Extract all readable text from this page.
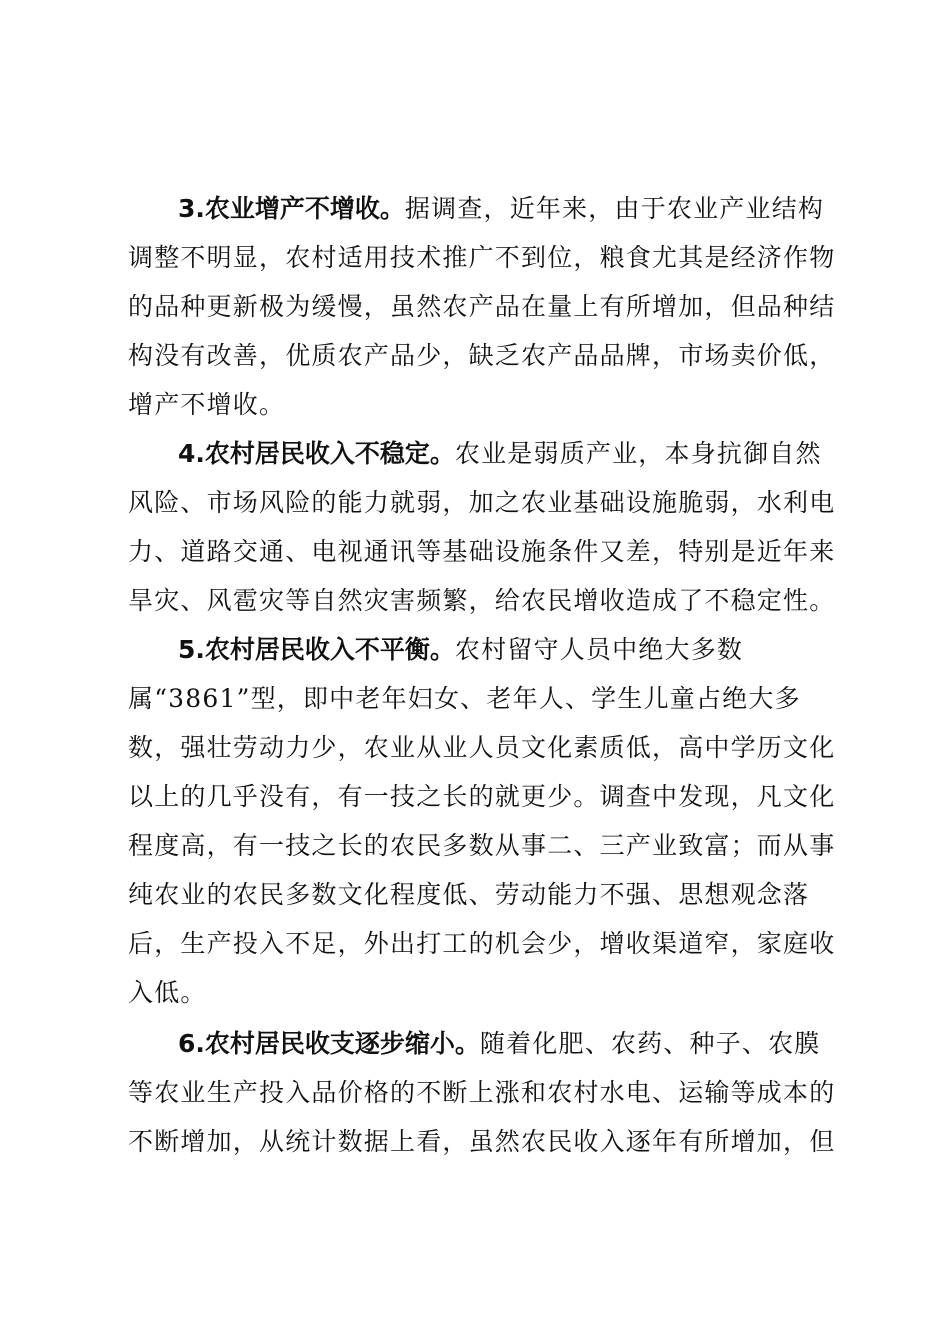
3.农业增产不增收。据调查，近年来，由于农业产业结构
调整不明显，农村适用技术推广不到位，粮食尤其是经济作物
的品种更新极为缓慢，虽然农产品在量上有所增加，但品种结
构没有改善，优质农产品少，缺乏农产品品牌，市场卖价低，
增产不增收。
4.农村居民收入不稳定。农业是弱质产业，本身抗御自然
风险、市场风险的能力就弱，加之农业基础设施脆弱，水利电
力、道路交通、电视通讯等基础设施条件又差，特别是近年来
旱灾、风雹灾等自然灾害频繁，给农民增收造成了不稳定性。
5.农村居民收入不平衡。农村留守人员中绝大多数
属“3861”型，即中老年妇女、老年人、学生儿童占绝大多
数，强壮劳动力少，农业从业人员文化素质低，高中学历文化
以上的几乎没有，有一技之长的就更少。调查中发现，凡文化
程度高，有一技之长的农民多数从事二、三产业致富；而从事
纯农业的农民多数文化程度低、劳动能力不强、思想观念落
后，生产投入不足，外出打工的机会少，增收渠道窄，家庭收
入低。
6.农村居民收支逐步缩小。随着化肥、农药、种子、农膜
等农业生产投入品价格的不断上涨和农村水电、运输等成本的
不断增加，从统计数据上看，虽然农民收入逐年有所增加，但
